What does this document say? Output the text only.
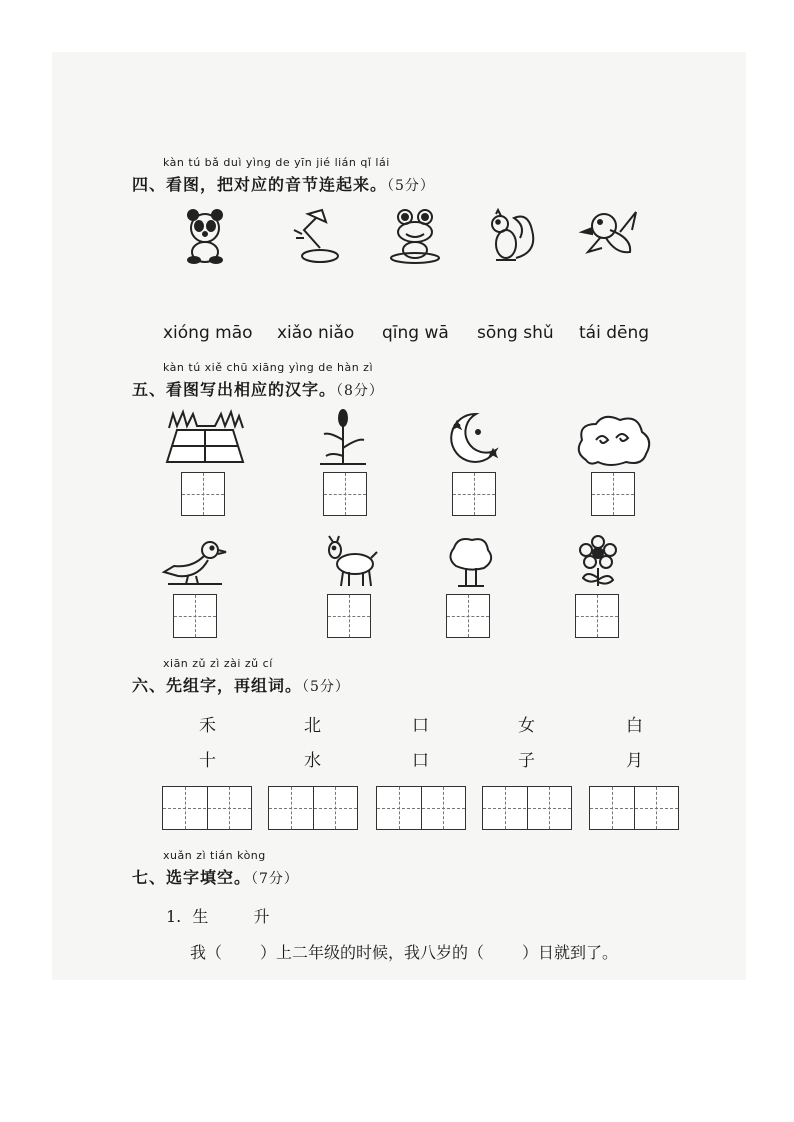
kàn tú bǎ duì yìng de yīn jié lián qǐ lái
四、看图，把对应的音节连起来。（5分）
xióng māo xiǎo niǎo qīng wā sōng shǔ tái dēng
kàn tú xiě chū xiāng yìng de hàn zì
五、看图写出相应的汉字。（8分）
xiān zǔ zì zài zǔ cí
六、先组字，再组词。（5分）
禾	北	口	女	白
十	水	口	子	月
xuǎn zì tián kòng
七、选字填空。（7分）
1. 生	升
我（ ）上二年级的时候，我八岁的（ ）日就到了。
